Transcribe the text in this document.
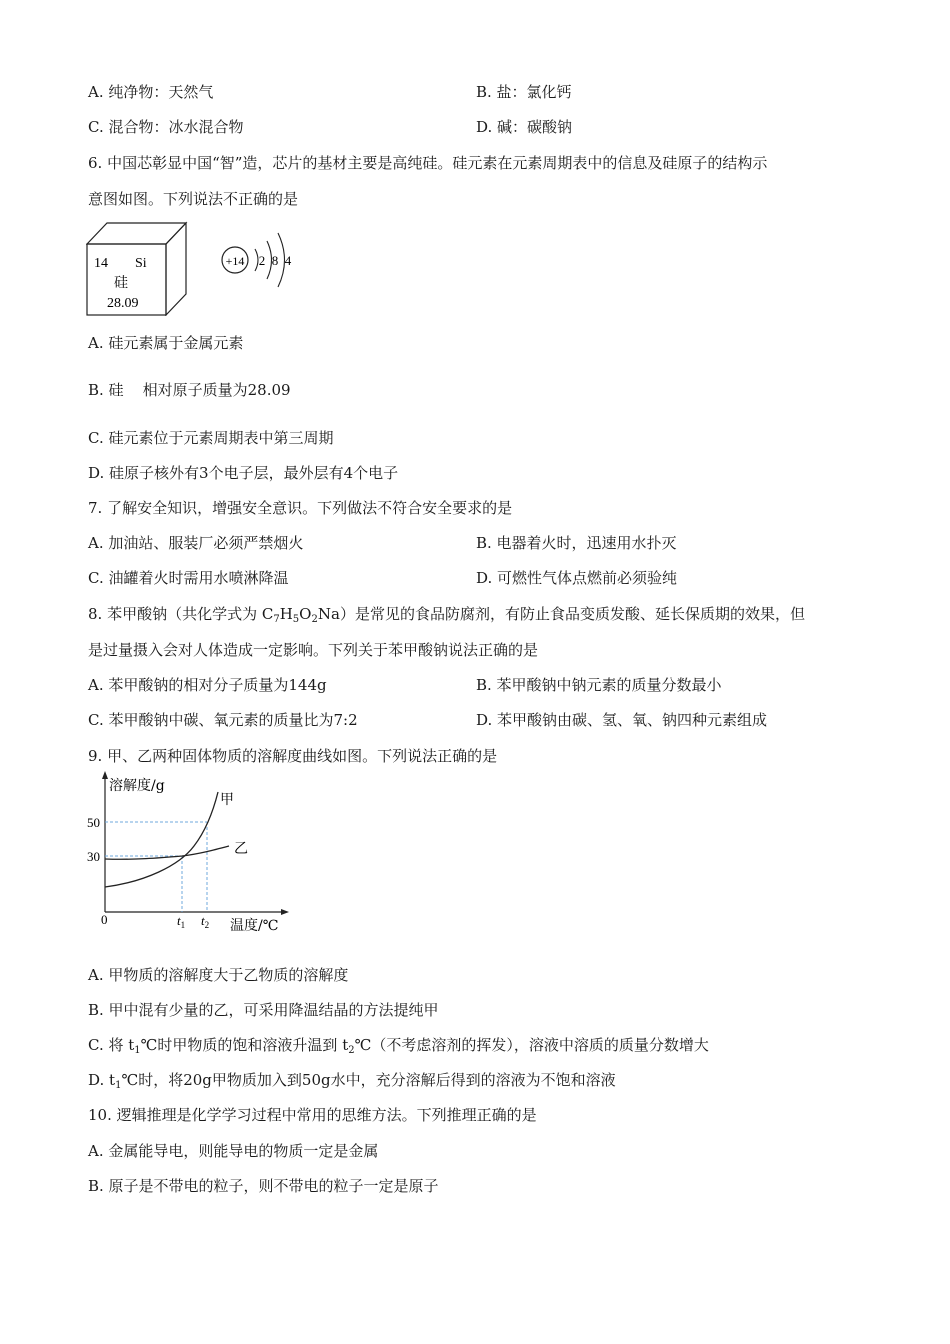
A. 纯净物：天然气	B. 盐：氯化钙
C. 混合物：冰水混合物	D. 碱：碳酸钠
6. 中国芯彰显中国“智”造，芯片的基材主要是高纯硅。硅元素在元素周期表中的信息及硅原子的结构示
意图如图。下列说法不正确的是
14 Si
硅
28.09
+14 2 8 4
A. 硅元素属于金属元素
B. 硅    相对原子质量为28.09
C. 硅元素位于元素周期表中第三周期
D. 硅原子核外有3个电子层，最外层有4个电子
7. 了解安全知识，增强安全意识。下列做法不符合安全要求的是
A. 加油站、服装厂必须严禁烟火	B. 电器着火时，迅速用水扑灭
C. 油罐着火时需用水喷淋降温	D. 可燃性气体点燃前必须验纯
8. 苯甲酸钠（共化学式为 $C_7H_5O_2Na$）是常见的食品防腐剂，有防止食品变质发酸、延长保质期的效果，但
是过量摄入会对人体造成一定影响。下列关于苯甲酸钠说法正确的是
A. 苯甲酸钠的相对分子质量为144g	B. 苯甲酸钠中钠元素的质量分数最小
C. 苯甲酸钠中碳、氧元素的质量比为7:2	D. 苯甲酸钠由碳、氢、氧、钠四种元素组成
9. 甲、乙两种固体物质的溶解度曲线如图。下列说法正确的是
溶解度/g
温度/℃
0
50
30
$t_1$ $t_2$
甲
乙
A. 甲物质的溶解度大于乙物质的溶解度
B. 甲中混有少量的乙，可采用降温结晶的方法提纯甲
C. 将 $t_1℃$时甲物质的饱和溶液升温到 $t_2℃$（不考虑溶剂的挥发），溶液中溶质的质量分数增大
D. $t_1℃$时，将20g甲物质加入到50g水中，充分溶解后得到的溶液为不饱和溶液
10. 逻辑推理是化学学习过程中常用的思维方法。下列推理正确的是
A. 金属能导电，则能导电的物质一定是金属
B. 原子是不带电的粒子，则不带电的粒子一定是原子
